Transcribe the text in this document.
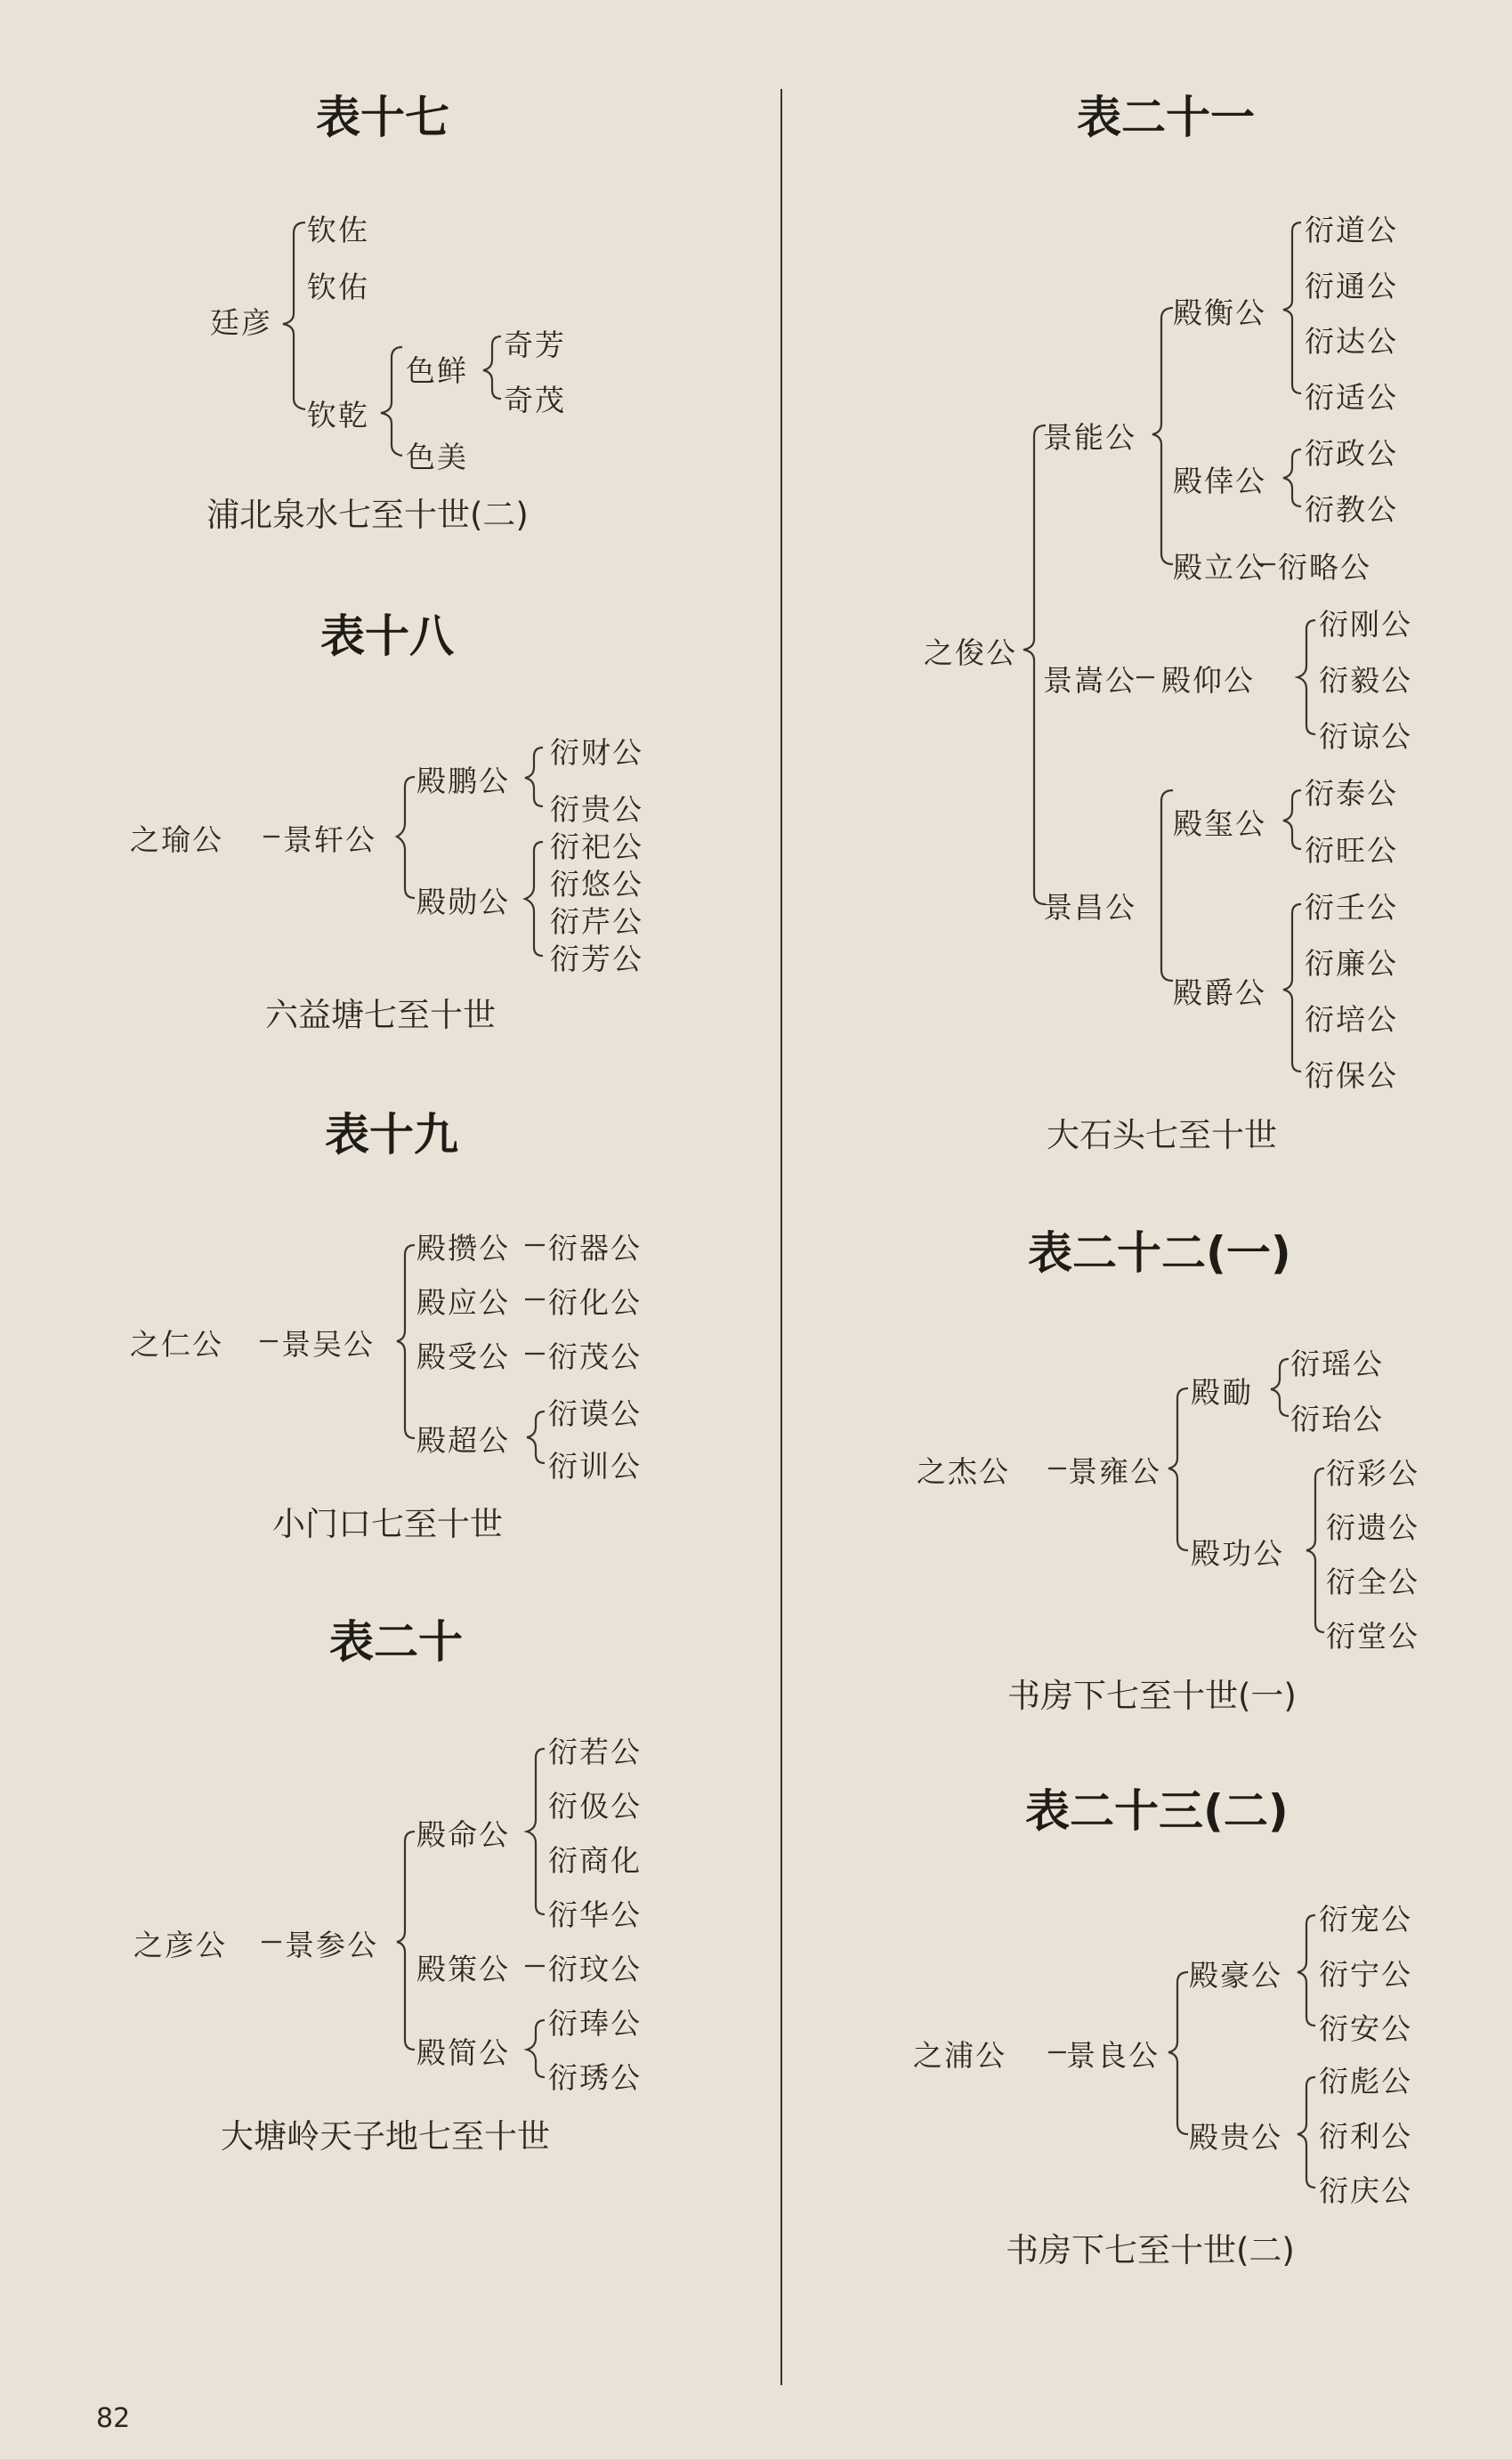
表十七
廷彦
钦佐
钦佑
钦乾
色鲜
色美
奇芳
奇茂
浦北泉水七至十世(二)
表十八
之瑜公 景轩公
殿鹏公
殿勋公
衍财公
衍贵公
衍祀公
衍悠公
衍芹公
衍芳公
六益塘七至十世
表十九
之仁公 景吴公
殿攒公
殿应公
殿受公
殿超公
衍器公
衍化公
衍茂公
衍谟公
衍训公
小门口七至十世
表二十
之彦公 景参公
殿命公
殿策公
殿简公
衍若公
衍伋公
衍商化
衍华公
衍玟公
衍琫公
衍琇公
大塘岭天子地七至十世
表二十一
之俊公
景能公
景嵩公
景昌公
殿衡公
殿倖公
殿立公
殿仰公
殿玺公
殿爵公
衍道公
衍通公
衍达公
衍适公
衍政公
衍教公
衍略公
衍刚公
衍毅公
衍谅公
衍泰公
衍旺公
衍壬公
衍廉公
衍培公
衍保公
大石头七至十世
表二十二(一)
之杰公 景雍公
殿勔
殿功公
衍瑶公
衍珆公
衍彩公
衍遗公
衍全公
衍堂公
书房下七至十世(一)
表二十三(二)
之浦公 景良公
殿豪公
殿贵公
衍宠公
衍宁公
衍安公
衍彪公
衍利公
衍庆公
书房下七至十世(二)
82
